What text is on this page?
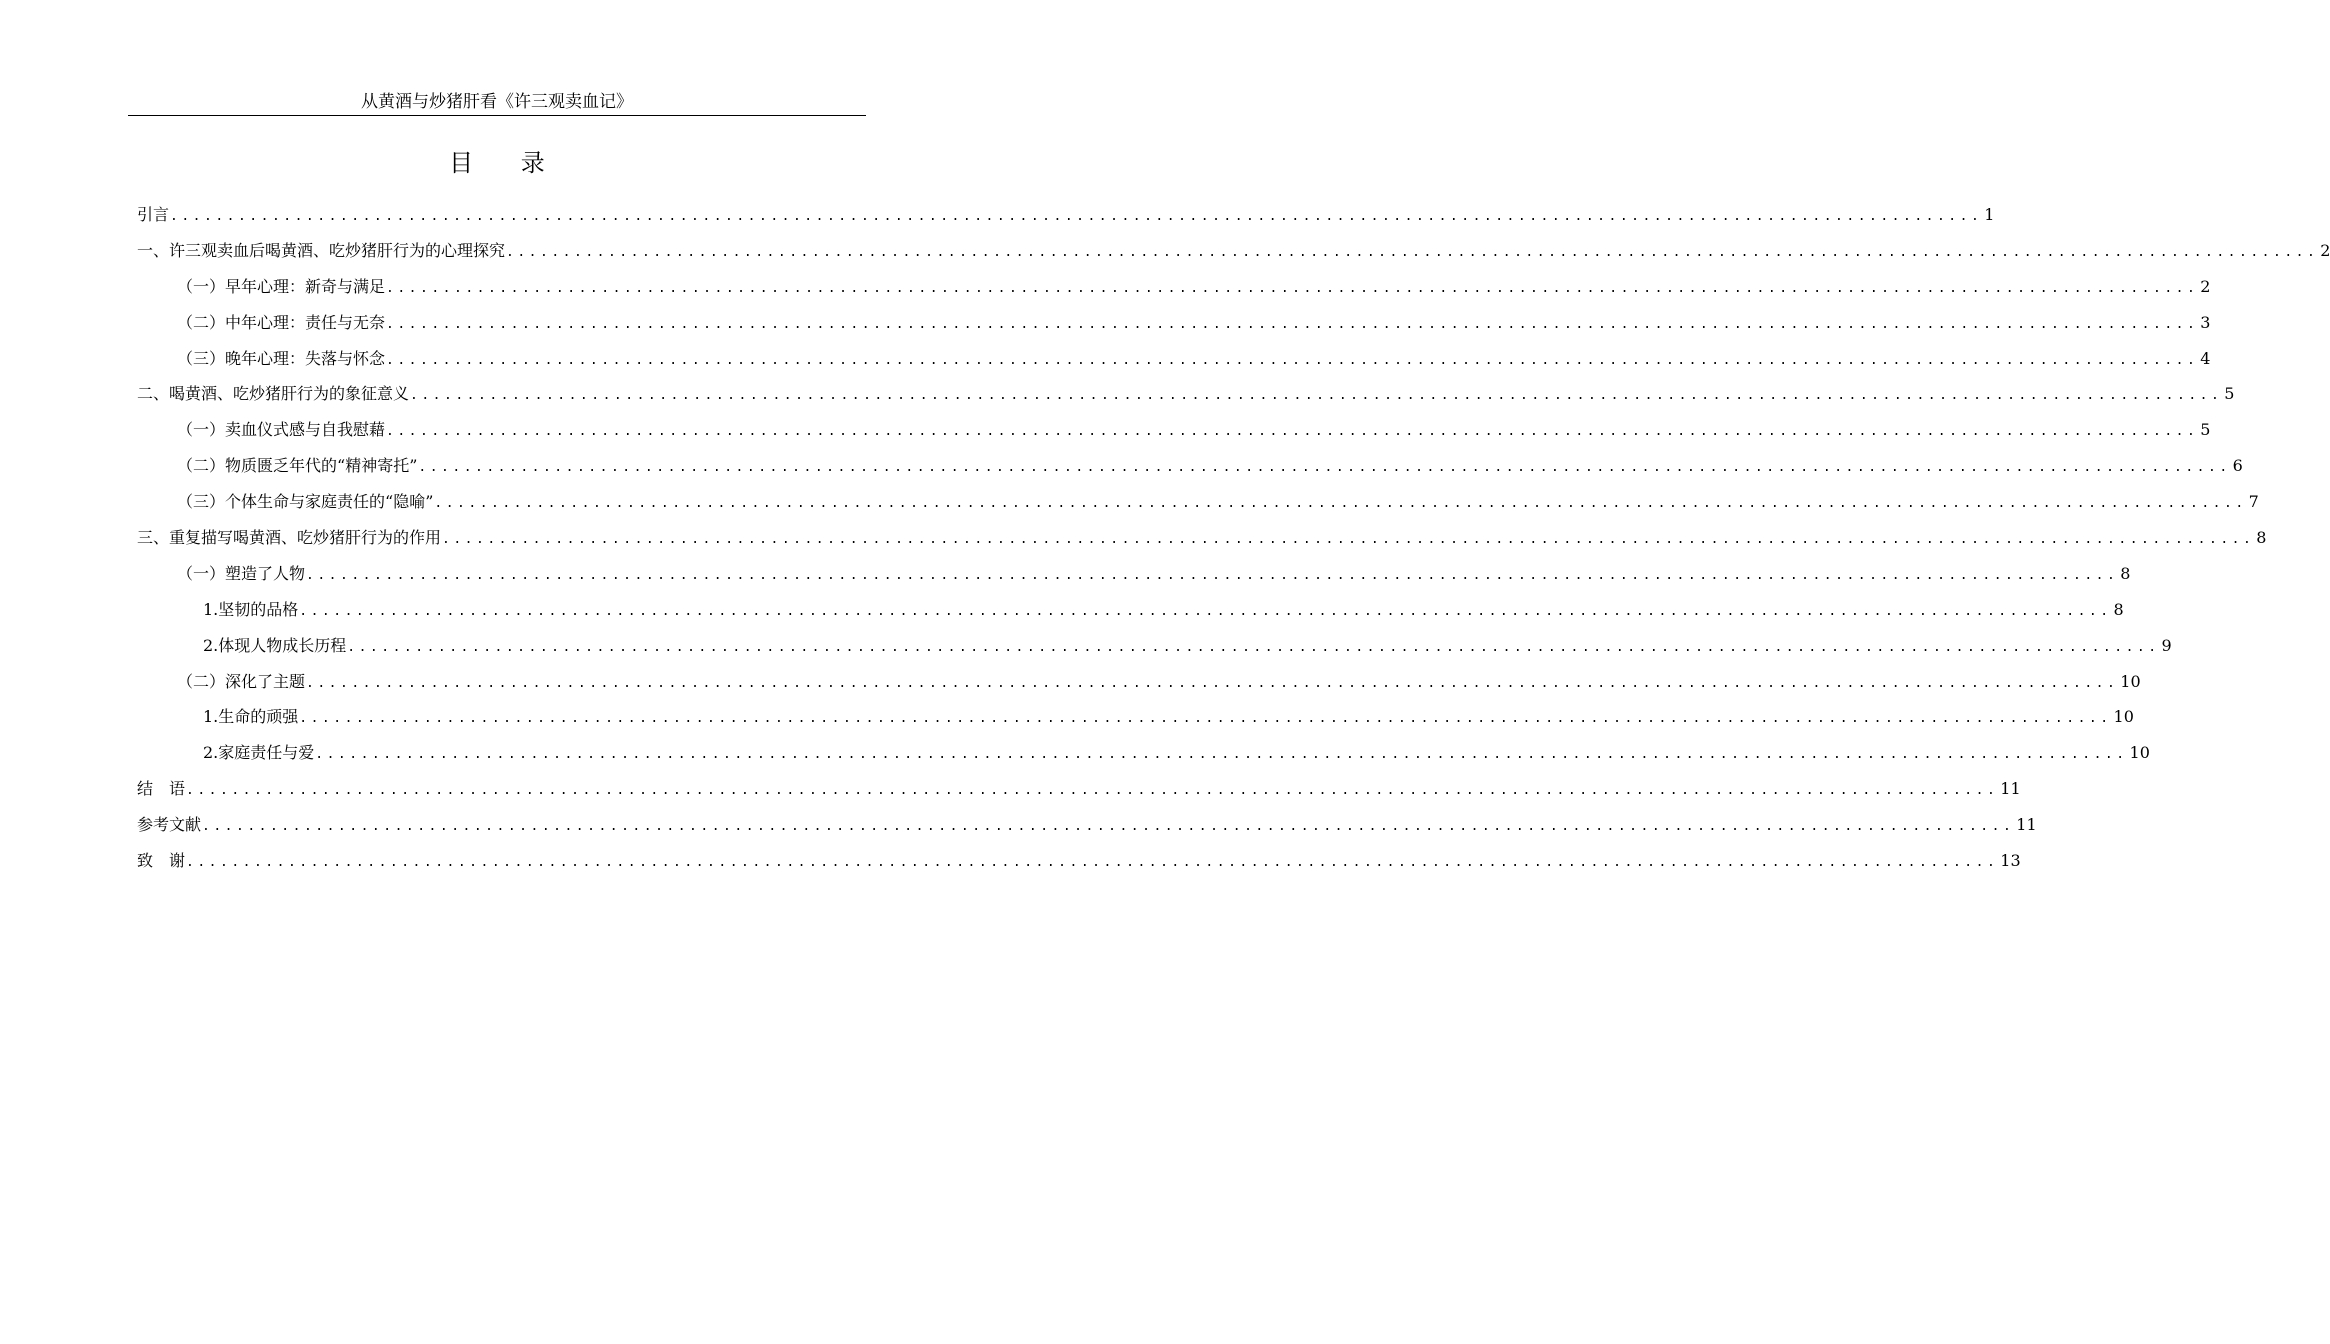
从黄酒与炒猪肝看《许三观卖血记》
目 录
引言 ................................................................................................................................................................ 1
一、 许三观卖血后喝黄酒、吃炒猪肝行为的心理探究 ................................................................................................................................................................ 2
（一） 早年心理：新奇与满足 ................................................................................................................................................................ 2
（二） 中年心理：责任与无奈 ................................................................................................................................................................ 3
（三） 晚年心理：失落与怀念 ................................................................................................................................................................ 4
二、 喝黄酒、吃炒猪肝行为的象征意义 ................................................................................................................................................................ 5
（一） 卖血仪式感与自我慰藉 ................................................................................................................................................................ 5
（二） 物质匮乏年代的“精神寄托” ................................................................................................................................................................ 6
（三） 个体生命与家庭责任的“隐喻” ................................................................................................................................................................ 7
三、 重复描写喝黄酒、吃炒猪肝行为的作用 ................................................................................................................................................................ 8
（一） 塑造了人物 ................................................................................................................................................................ 8
1. 坚韧的品格 ................................................................................................................................................................ 8
2. 体现人物成长历程 ................................................................................................................................................................ 9
（二） 深化了主题 ................................................................................................................................................................ 10
1. 生命的顽强 ................................................................................................................................................................ 10
2. 家庭责任与爱 ................................................................................................................................................................ 10
结　语 ................................................................................................................................................................ 11
参考文献 ................................................................................................................................................................ 11
致　谢 ................................................................................................................................................................ 13
